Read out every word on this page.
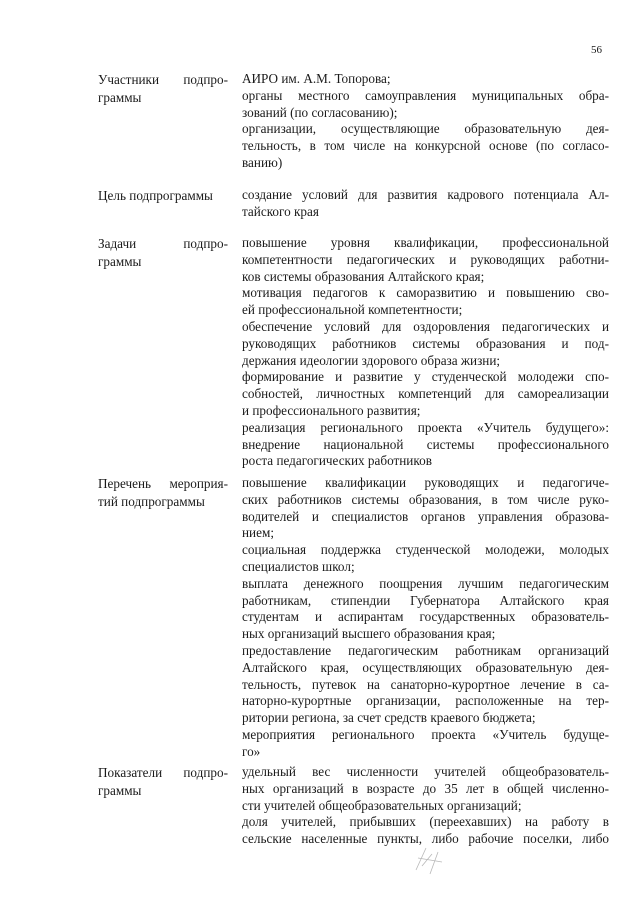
56
Участники подпро-
граммы
АИРО им. А.М. Топорова;
органы местного самоуправления муниципальных обра-
зований (по согласованию);
организации, осуществляющие образовательную дея-
тельность, в том числе на конкурсной основе (по согласо-
ванию)
Цель подпрограммы	создание условий для развития кадрового потенциала Ал-
тайского края
Задачи подпро-
граммы
повышение уровня квалификации, профессиональной
компетентности педагогических и руководящих работни-
ков системы образования Алтайского края;
мотивация педагогов к саморазвитию и повышению сво-
ей профессиональной компетентности;
обеспечение условий для оздоровления педагогических и
руководящих работников системы образования и под-
держания идеологии здорового образа жизни;
формирование и развитие у студенческой молодежи спо-
собностей, личностных компетенций для самореализации
и профессионального развития;
реализация регионального проекта «Учитель будущего»:
внедрение национальной системы профессионального
роста педагогических работников
Перечень мероприя-
тий подпрограммы
повышение квалификации руководящих и педагогиче-
ских работников системы образования, в том числе руко-
водителей и специалистов органов управления образова-
нием;
социальная поддержка студенческой молодежи, молодых
специалистов школ;
выплата денежного поощрения лучшим педагогическим
работникам, стипендии Губернатора Алтайского края
студентам и аспирантам государственных образователь-
ных организаций высшего образования края;
предоставление педагогическим работникам организаций
Алтайского края, осуществляющих образовательную дея-
тельность, путевок на санаторно-курортное лечение в са-
наторно-курортные организации, расположенные на тер-
ритории региона, за счет средств краевого бюджета;
мероприятия регионального проекта «Учитель будуще-
го»
Показатели подпро-
граммы
удельный вес численности учителей общеобразователь-
ных организаций в возрасте до 35 лет в общей численно-
сти учителей общеобразовательных организаций;
доля учителей, прибывших (переехавших) на работу в
сельские населенные пункты, либо рабочие поселки, либо
